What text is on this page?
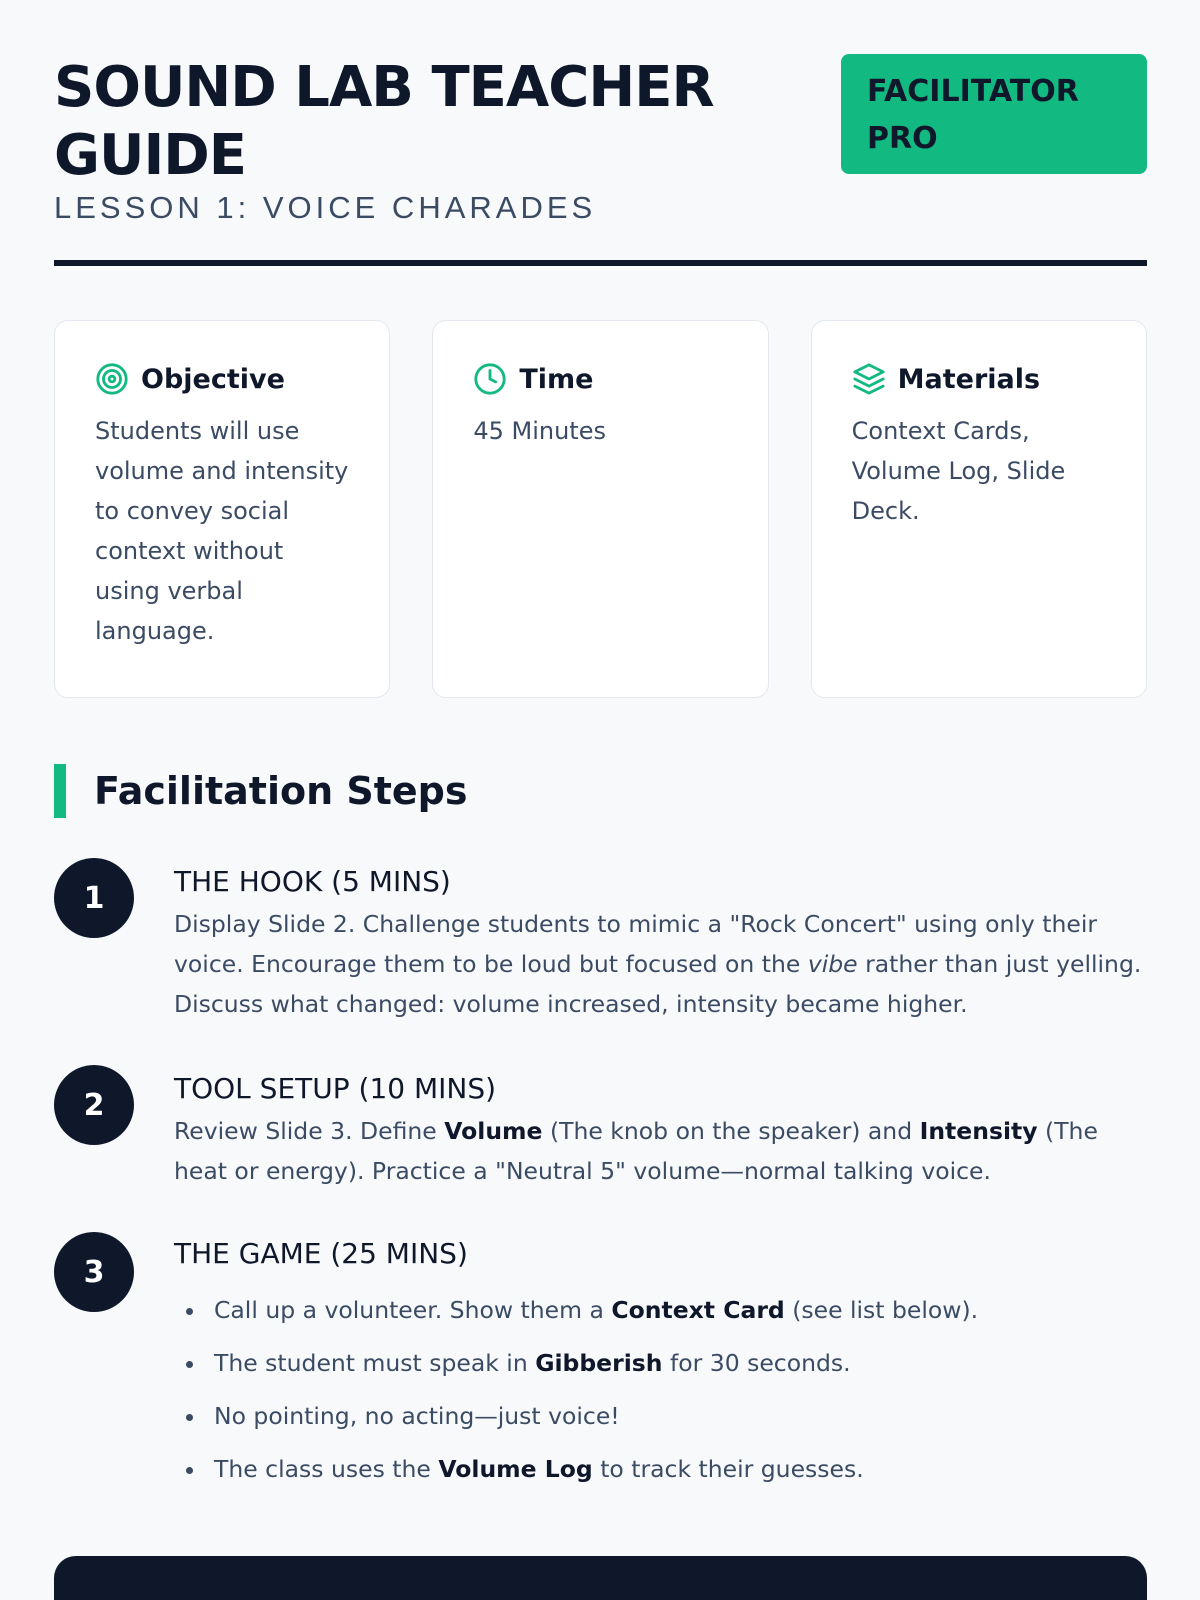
SOUND LAB TEACHER GUIDE
LESSON 1: VOICE CHARADES
FACILITATOR PRO
Objective

Students will use volume and intensity to convey social context without using verbal language.

Time

45 Minutes

Materials

Context Cards, Volume Log, Slide Deck.

Facilitation Steps
1	THE HOOK (5 MINS)

Display Slide 2. Challenge students to mimic a "Rock Concert" using only their voice. Encourage them to be loud but focused on the vibe rather than just yelling. Discuss what changed: volume increased, intensity became higher.

2	TOOL SETUP (10 MINS)

Review Slide 3. Define Volume (The knob on the speaker) and Intensity (The heat or energy). Practice a "Neutral 5" volume—normal talking voice.

3
THE GAME (25 MINS)
Call up a volunteer. Show them a Context Card (see list below).
The student must speak in Gibberish for 30 seconds.
No pointing, no acting—just voice!
The class uses the Volume Log to track their guesses.
